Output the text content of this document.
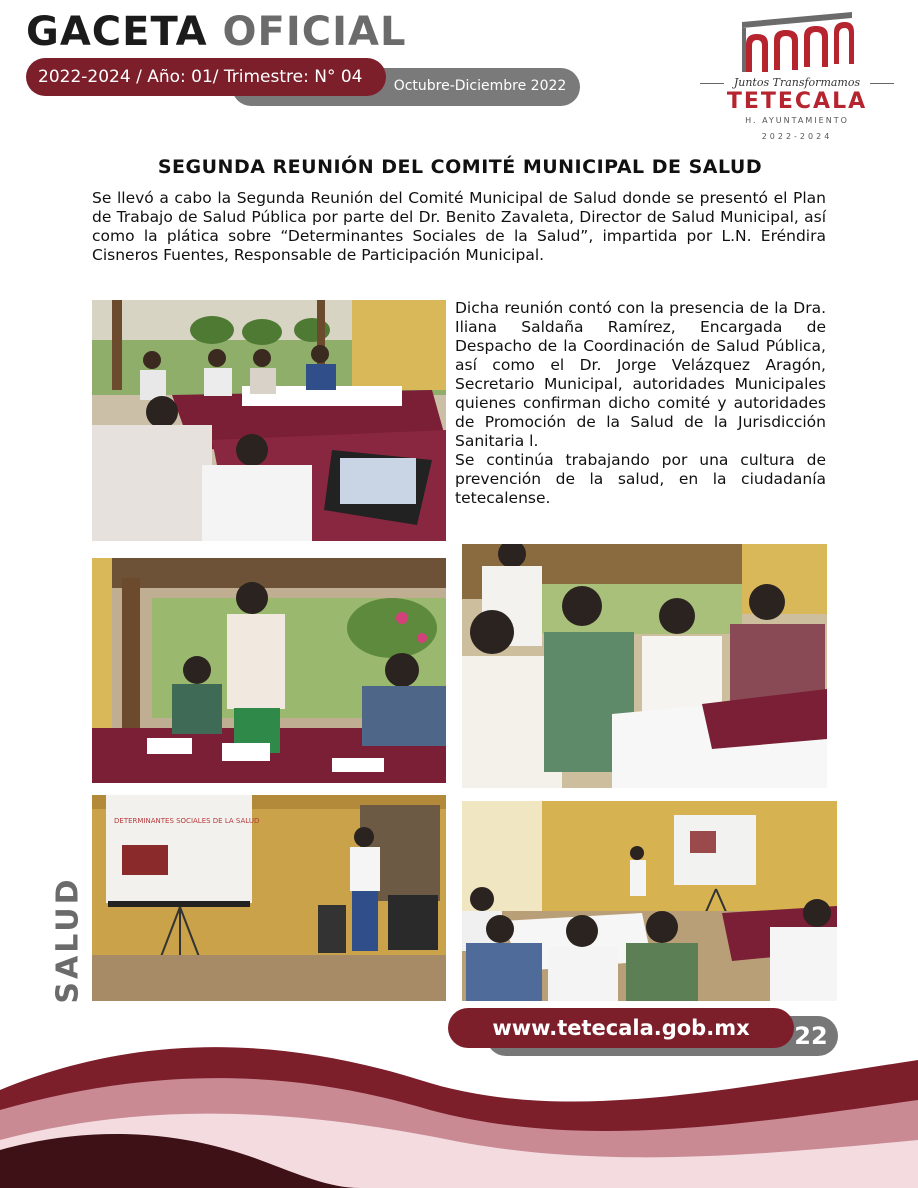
GACETA OFICIAL
Octubre-Diciembre 2022
2022-2024 / Año: 01/ Trimestre: N° 04	Juntos Transformamos
TETECALA
H. AYUNTAMIENTO
2022-2024
SEGUNDA REUNIÓN DEL COMITÉ MUNICIPAL DE SALUD

Se llevó a cabo la Segunda Reunión del Comité Municipal de Salud donde se presentó el Plan de Trabajo de Salud Pública por parte del Dr. Benito Zavaleta, Director de Salud Municipal, así como la plática sobre “Determinantes Sociales de la Salud”, impartida por L.N. Eréndira Cisneros Fuentes, Responsable de Participación Municipal.

Dicha reunión contó con la presencia de la Dra. Iliana Saldaña Ramírez, Encargada de Despacho de la Coordinación de Salud Pública, así como el Dr. Jorge Velázquez Aragón, Secretario Municipal, autoridades Municipales quienes confirman dicho comité y autoridades de Promoción de la Salud de la Jurisdicción Sanitaria l.

Se continúa trabajando por una cultura de prevención de la salud, en la ciudadanía tetecalense.

DETERMINANTES SOCIALES DE LA SALUD
SALUD
www.tetecala.gob.mx	22
